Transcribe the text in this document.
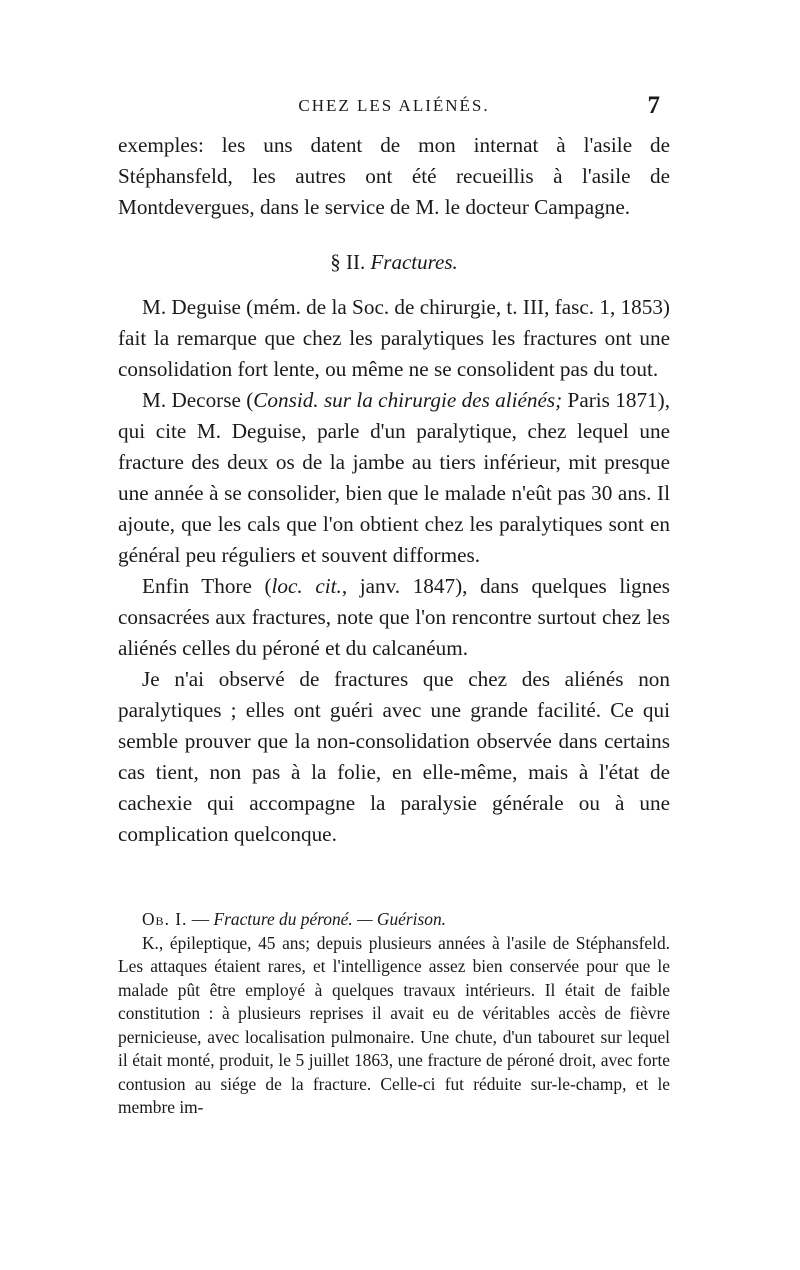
CHEZ LES ALIÉNÉS.	7

exemples: les uns datent de mon internat à l'asile de Stéphansfeld, les autres ont été recueillis à l'asile de Montdevergues, dans le service de M. le docteur Campagne.

§ II. Fractures.

M. Deguise (mém. de la Soc. de chirurgie, t. III, fasc. 1, 1853) fait la remarque que chez les paralytiques les fractures ont une consolidation fort lente, ou même ne se consolident pas du tout.

M. Decorse (Consid. sur la chirurgie des aliénés; Paris 1871), qui cite M. Deguise, parle d'un paralytique, chez lequel une fracture des deux os de la jambe au tiers inférieur, mit presque une année à se consolider, bien que le malade n'eût pas 30 ans. Il ajoute, que les cals que l'on obtient chez les paralytiques sont en général peu réguliers et souvent difformes.

Enfin Thore (loc. cit., janv. 1847), dans quelques lignes consacrées aux fractures, note que l'on rencontre surtout chez les aliénés celles du péroné et du calcanéum.

Je n'ai observé de fractures que chez des aliénés non paralytiques ; elles ont guéri avec une grande facilité. Ce qui semble prouver que la non-consolidation observée dans certains cas tient, non pas à la folie, en elle-même, mais à l'état de cachexie qui accompagne la paralysie générale ou à une complication quelconque.

Ob. I. — Fracture du péroné. — Guérison.

K., épileptique, 45 ans; depuis plusieurs années à l'asile de Stéphansfeld. Les attaques étaient rares, et l'intelligence assez bien conservée pour que le malade pût être employé à quelques travaux intérieurs. Il était de faible constitution : à plusieurs reprises il avait eu de véritables accès de fièvre pernicieuse, avec localisation pulmonaire. Une chute, d'un tabouret sur lequel il était monté, produit, le 5 juillet 1863, une fracture de péroné droit, avec forte contusion au siége de la fracture. Celle-ci fut réduite sur-le-champ, et le membre im-
